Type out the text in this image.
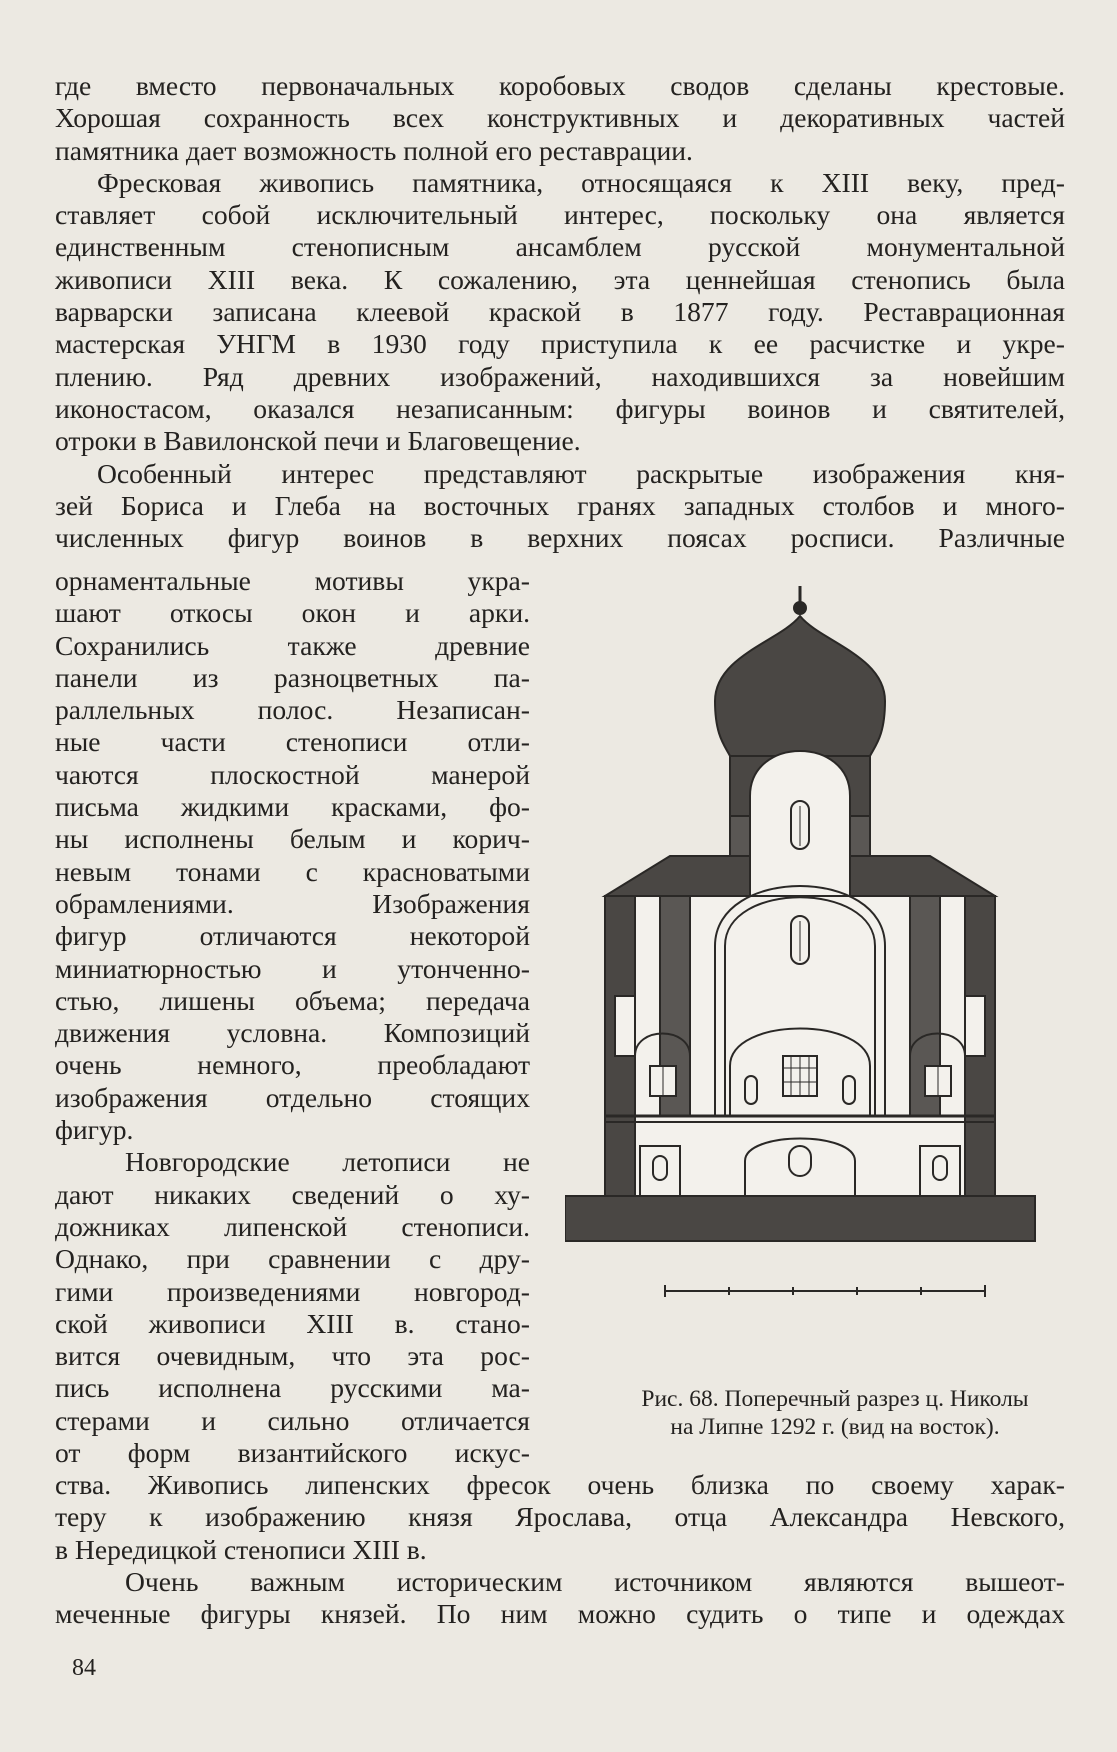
где вместо первоначальных коробовых сводов сделаны крестовые.
Хорошая сохранность всех конструктивных и декоративных частей
памятника дает возможность полной его реставрации.
Фресковая живопись памятника, относящаяся к XIII веку, пред-
ставляет собой исключительный интерес, поскольку она является
единственным стенописным ансамблем русской монументальной
живописи XIII века. К сожалению, эта ценнейшая стенопись была
варварски записана клеевой краской в 1877 году. Реставрационная
мастерская УНГМ в 1930 году приступила к ее расчистке и укре-
плению. Ряд древних изображений, находившихся за новейшим
иконостасом, оказался незаписанным: фигуры воинов и святителей,
отроки в Вавилонской печи и Благовещение.
Особенный интерес представляют раскрытые изображения кня-
зей Бориса и Глеба на восточных гранях западных столбов и много-
численных фигур воинов в верхних поясах росписи. Различные
орнаментальные мотивы укра-
шают откосы окон и арки.
Сохранились также древние
панели из разноцветных па-
раллельных полос. Незаписан-
ные части стенописи отли-
чаются плоскостной манерой
письма жидкими красками, фо-
ны исполнены белым и корич-
невым тонами с красноватыми
обрамлениями. Изображения
фигур отличаются некоторой
миниатюрностью и утонченно-
стью, лишены объема; передача
движения условна. Композиций
очень немного, преобладают
изображения отдельно стоящих
фигур.
Новгородские летописи не
дают никаких сведений о ху-
дожниках липенской стенописи.
Однако, при сравнении с дру-
гими произведениями новгород-
ской живописи XIII в. стано-
вится очевидным, что эта рос-
пись исполнена русскими ма-
стерами и сильно отличается
от форм византийского искус-
Рис. 68. Поперечный разрез ц. Николы
на Липне 1292 г. (вид на восток).
ства. Живопись липенских фресок очень близка по своему харак-
теру к изображению князя Ярослава, отца Александра Невского,
в Нередицкой стенописи XIII в.
Очень важным историческим источником являются вышеот-
меченные фигуры князей. По ним можно судить о типе и одеждах
84
